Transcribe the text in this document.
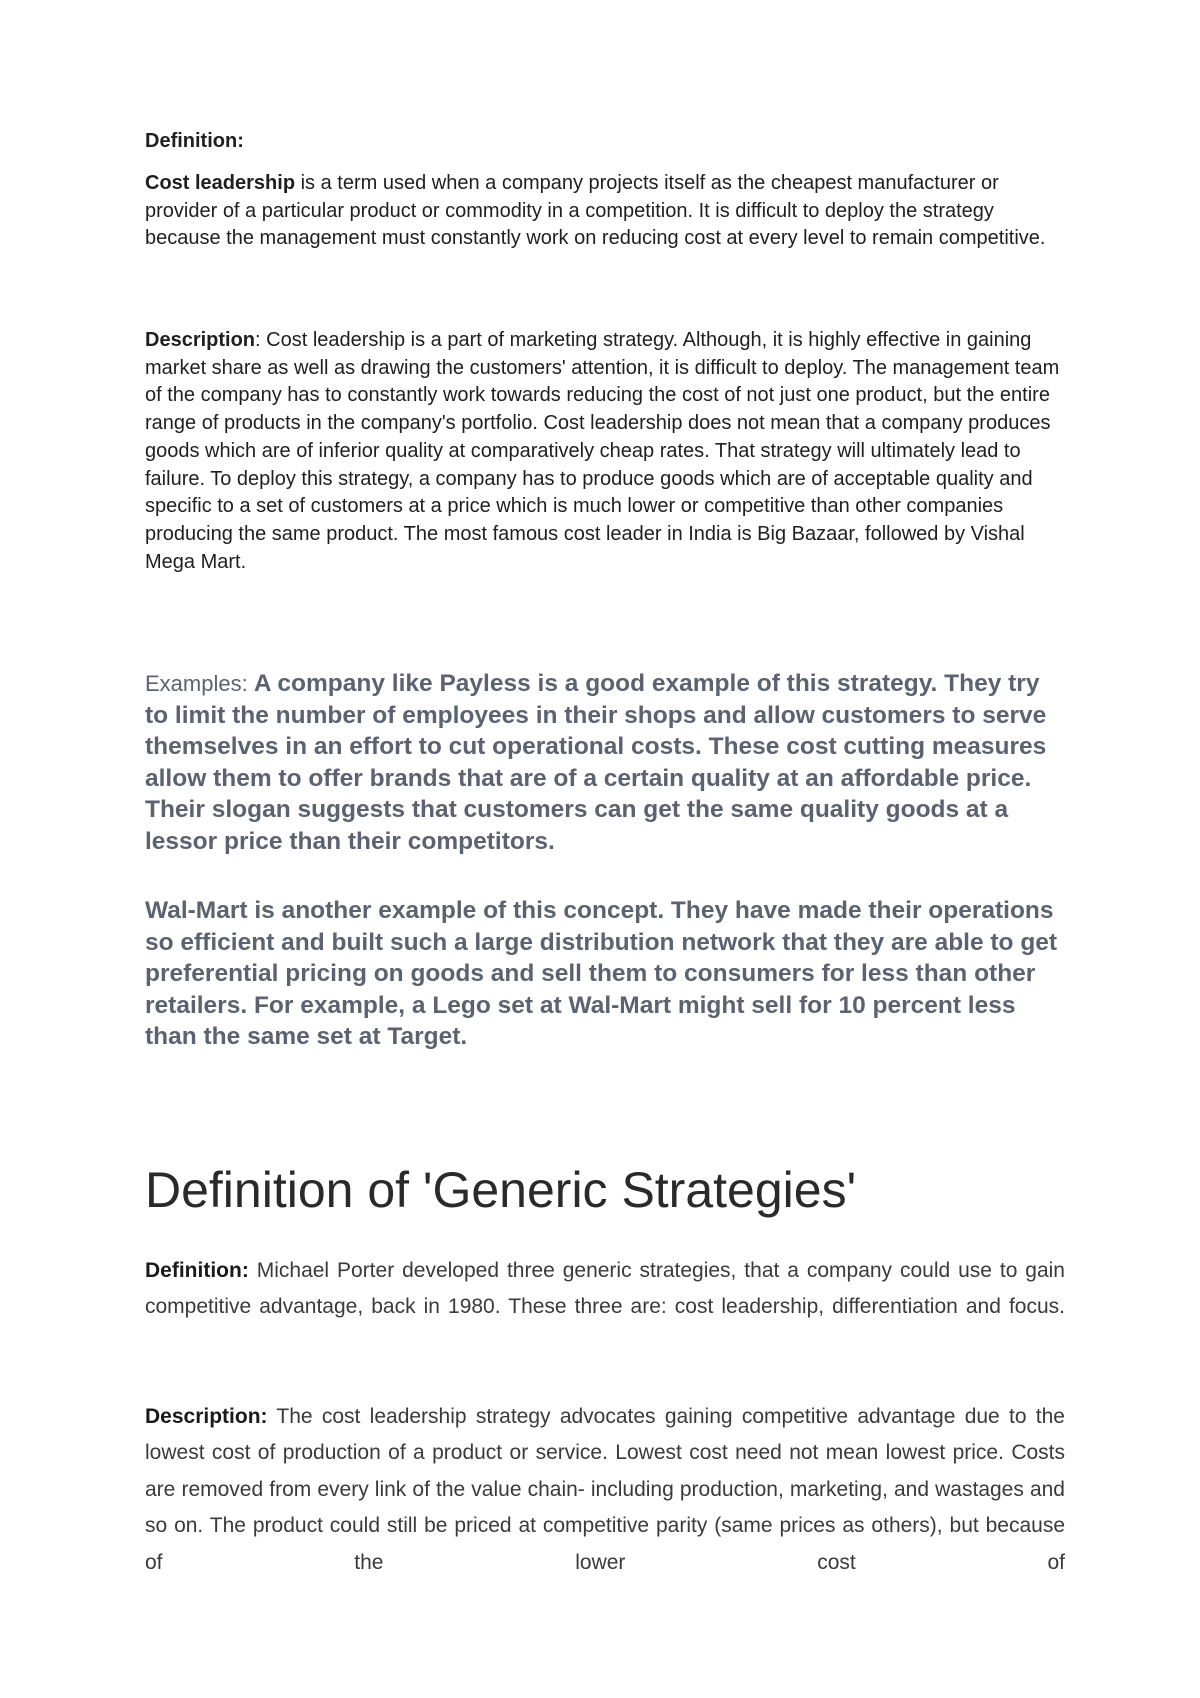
Definition:

Cost leadership is a term used when a company projects itself as the cheapest manufacturer or provider of a particular product or commodity in a competition. It is difficult to deploy the strategy because the management must constantly work on reducing cost at every level to remain competitive.

Description: Cost leadership is a part of marketing strategy. Although, it is highly effective in gaining market share as well as drawing the customers' attention, it is difficult to deploy. The management team of the company has to constantly work towards reducing the cost of not just one product, but the entire range of products in the company's portfolio. Cost leadership does not mean that a company produces goods which are of inferior quality at comparatively cheap rates. That strategy will ultimately lead to failure. To deploy this strategy, a company has to produce goods which are of acceptable quality and specific to a set of customers at a price which is much lower or competitive than other companies producing the same product. The most famous cost leader in India is Big Bazaar, followed by Vishal Mega Mart.

Examples: A company like Payless is a good example of this strategy. They try to limit the number of employees in their shops and allow customers to serve themselves in an effort to cut operational costs. These cost cutting measures allow them to offer brands that are of a certain quality at an affordable price. Their slogan suggests that customers can get the same quality goods at a lessor price than their competitors.

Wal-Mart is another example of this concept. They have made their operations so efficient and built such a large distribution network that they are able to get preferential pricing on goods and sell them to consumers for less than other retailers. For example, a Lego set at Wal-Mart might sell for 10 percent less than the same set at Target.

Definition of 'Generic Strategies'

Definition: Michael Porter developed three generic strategies, that a company could use to gain competitive advantage, back in 1980. These three are: cost leadership, differentiation and focus.

Description: The cost leadership strategy advocates gaining competitive advantage due to the lowest cost of production of a product or service. Lowest cost need not mean lowest price. Costs are removed from every link of the value chain- including production, marketing, and wastages and so on. The product could still be priced at competitive parity (same prices as others), but because of the lower cost of
